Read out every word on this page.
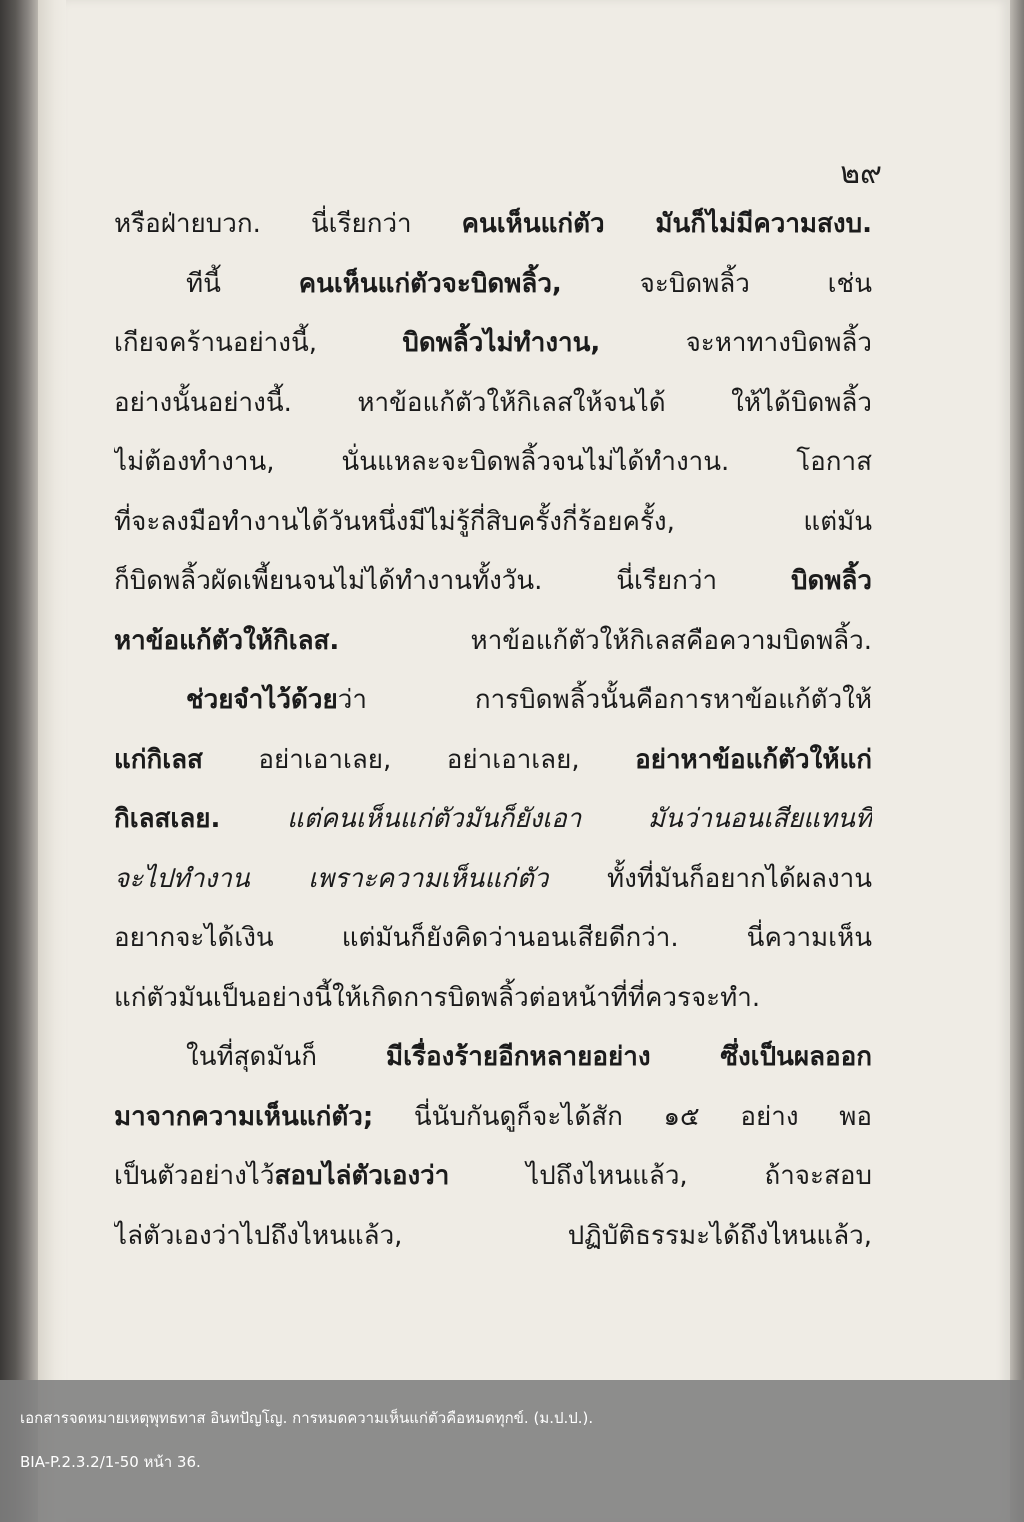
๒๙
หรือฝ่ายบวก. นี่เรียกว่า คนเห็นแก่ตัว มันก็ไม่มีความสงบ.
ทีนี้ คนเห็นแก่ตัวจะบิดพลิ้ว, จะบิดพลิ้ว เช่น
เกียจคร้านอย่างนี้, บิดพลิ้วไม่ทำงาน, จะหาทางบิดพลิ้ว
อย่างนั้นอย่างนี้. หาข้อแก้ตัวให้กิเลสให้จนได้ ให้ได้บิดพลิ้ว
ไม่ต้องทำงาน, นั่นแหละจะบิดพลิ้วจนไม่ได้ทำงาน. โอกาส
ที่จะลงมือทำงานได้วันหนึ่งมีไม่รู้กี่สิบครั้งกี่ร้อยครั้ง, แต่มัน
ก็บิดพลิ้วผัดเพี้ยนจนไม่ได้ทำงานทั้งวัน. นี่เรียกว่า บิดพลิ้ว
หาข้อแก้ตัวให้กิเลส. หาข้อแก้ตัวให้กิเลสคือความบิดพลิ้ว.
ช่วยจำไว้ด้วยว่า การบิดพลิ้วนั้นคือการหาข้อแก้ตัวให้
แก่กิเลส อย่าเอาเลย, อย่าเอาเลย, อย่าหาข้อแก้ตัวให้แก่
กิเลสเลย. แต่คนเห็นแก่ตัวมันก็ยังเอา มันว่านอนเสียแทนที่
จะไปทำงาน เพราะความเห็นแก่ตัว ทั้งที่มันก็อยากได้ผลงาน
อยากจะได้เงิน แต่มันก็ยังคิดว่านอนเสียดีกว่า. นี่ความเห็น
แก่ตัวมันเป็นอย่างนี้ให้เกิดการบิดพลิ้วต่อหน้าที่ที่ควรจะทำ.
ในที่สุดมันก็ มีเรื่องร้ายอีกหลายอย่าง ซึ่งเป็นผลออก
มาจากความเห็นแก่ตัว; นี่นับกันดูก็จะได้สัก ๑๕ อย่าง พอ
เป็นตัวอย่างไว้สอบไล่ตัวเองว่า ไปถึงไหนแล้ว, ถ้าจะสอบ
ไล่ตัวเองว่าไปถึงไหนแล้ว, ปฏิบัติธรรมะได้ถึงไหนแล้ว,
เอกสารจดหมายเหตุพุทธทาส อินทปัญโญ. การหมดความเห็นแก่ตัวคือหมดทุกข์. (ม.ป.ป.).
BIA-P.2.3.2/1-50 หน้า 36.
